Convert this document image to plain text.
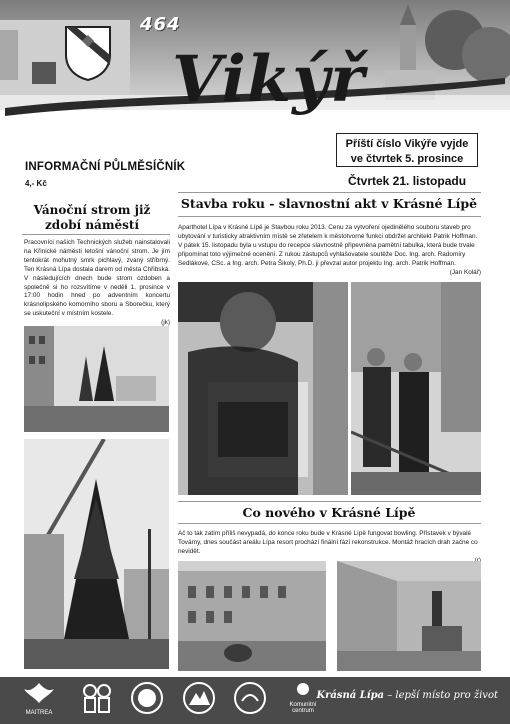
464
Vikýř
INFORMAČNÍ PŮLMĚSÍČNÍK
4,- Kč
Příští číslo Vikýře vyjde
ve čtvrtek 5. prosince
Čtvrtek 21. listopadu
Vánoční strom již
zdobí náměstí
Pracovníci našich Technických služeb nainstalovali na Křinické náměstí letošní vánoční strom. Je jím tentokrát mohutný smrk pichlavý, zvaný stříbrný. Ten Krásná Lípa dostala darem od města Chřibská. V následujících dnech bude strom ozdoben a společně si ho rozsvítíme v neděli 1. prosince v 17:00 hodin hned po adventním koncertu krásnolipského komorního sboru a Sborečku, který se uskuteční v místním kostele.
(jk)
Stavba roku - slavnostní akt v Krásné Lípě
Aparthotel Lípa v Krásné Lípě je Stavbou roku 2013. Cenu za vytvoření ojedinělého souboru staveb pro ubytování v turisticky atraktivním místě se zřetelem k městotvorné funkci obdržel architekt Patrik Hoffman. V pátek 15. listopadu byla u vstupu do recepce slavnostně připevněna pamětní tabulka, která bude trvale připomínat toto výjimečné ocenění. Z rukou zástupců vyhlašovatele soutěže Doc. Ing. arch. Radomíry Sedlákové, CSc. a Ing. arch. Petra Šikoly, Ph.D. ji převzal autor projektu Ing. arch. Patrik Hoffman.
(Jan Kolář)
Co nového v Krásné Lípě
Ač to tak zatím příliš nevypadá, do konce roku bude v Krásné Lípě fungovat bowling. Přístavek v bývalé Továrny, dnes součást areálu Lípa resort prochází finální fází rekonstrukce. Montáž hracích drah začne co nevidět.
MAITREA
Komunitní centrum
Krásná Lípa – lepší místo pro život
